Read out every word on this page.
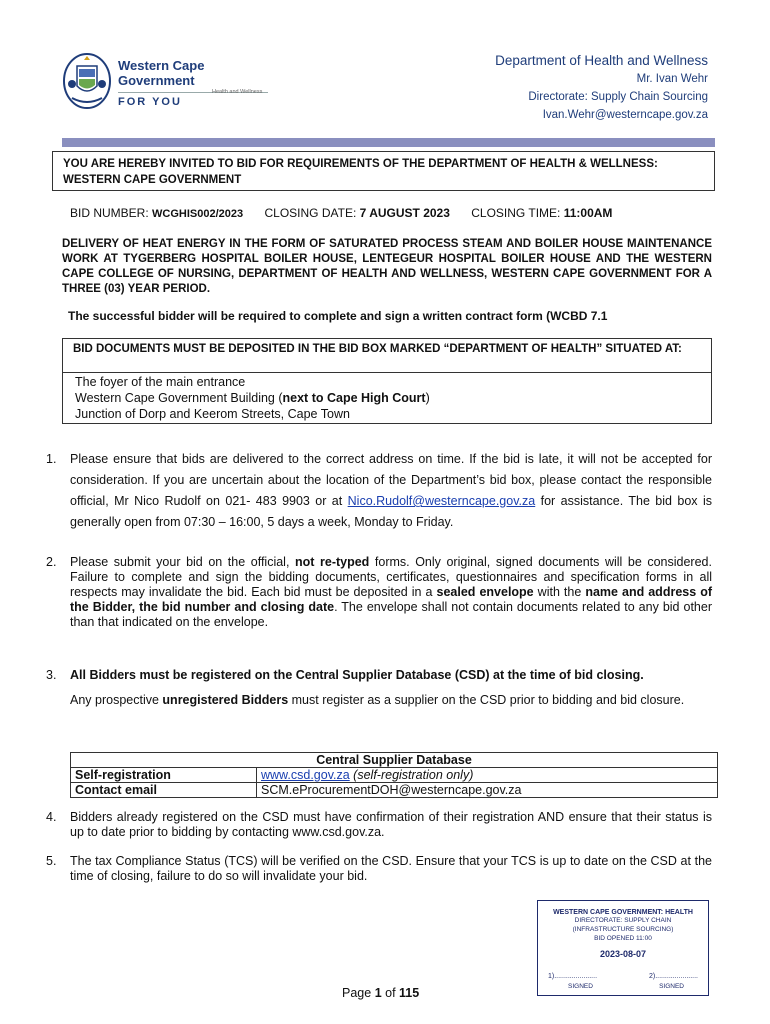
Western Cape
Government
Health and Wellness
FOR YOU
Department of Health and Wellness
Mr. Ivan Wehr
Directorate: Supply Chain Sourcing
Ivan.Wehr@westerncape.gov.za
YOU ARE HEREBY INVITED TO BID FOR REQUIREMENTS OF THE DEPARTMENT OF HEALTH & WELLNESS: WESTERN CAPE GOVERNMENT
BID NUMBER: WCGHIS002/2023 CLOSING DATE: 7 AUGUST 2023 CLOSING TIME: 11:00AM
DELIVERY OF HEAT ENERGY IN THE FORM OF SATURATED PROCESS STEAM AND BOILER HOUSE MAINTENANCE WORK AT TYGERBERG HOSPITAL BOILER HOUSE, LENTEGEUR HOSPITAL BOILER HOUSE AND THE WESTERN CAPE COLLEGE OF NURSING, DEPARTMENT OF HEALTH AND WELLNESS, WESTERN CAPE GOVERNMENT FOR A THREE (03) YEAR PERIOD.
The successful bidder will be required to complete and sign a written contract form (WCBD 7.1
BID DOCUMENTS MUST BE DEPOSITED IN THE BID BOX MARKED “DEPARTMENT OF HEALTH” SITUATED AT:
The foyer of the main entrance
Western Cape Government Building (next to Cape High Court)
Junction of Dorp and Keerom Streets, Cape Town
1. Please ensure that bids are delivered to the correct address on time. If the bid is late, it will not be accepted for consideration. If you are uncertain about the location of the Department’s bid box, please contact the responsible official, Mr Nico Rudolf on 021- 483 9903 or at Nico.Rudolf@westerncape.gov.za for assistance. The bid box is generally open from 07:30 – 16:00, 5 days a week, Monday to Friday.
2. Please submit your bid on the official, not re-typed forms. Only original, signed documents will be considered. Failure to complete and sign the bidding documents, certificates, questionnaires and specification forms in all respects may invalidate the bid. Each bid must be deposited in a sealed envelope with the name and address of the Bidder, the bid number and closing date. The envelope shall not contain documents related to any bid other than that indicated on the envelope.
3. All Bidders must be registered on the Central Supplier Database (CSD) at the time of bid closing.
Any prospective unregistered Bidders must register as a supplier on the CSD prior to bidding and bid closure.
Central Supplier Database	
Self-registration	www.csd.gov.za (self-registration only)
Contact email	SCM.eProcurementDOH@westerncape.gov.za
4. Bidders already registered on the CSD must have confirmation of their registration AND ensure that their status is up to date prior to bidding by contacting www.csd.gov.za.
5. The tax Compliance Status (TCS) will be verified on the CSD. Ensure that your TCS is up to date on the CSD at the time of closing, failure to do so will invalidate your bid.
WESTERN CAPE GOVERNMENT: HEALTH
DIRECTORATE: SUPPLY CHAIN
(INFRASTRUCTURE SOURCING)
BID OPENED 11:00
2023-08-07
1)......................	2)......................
SIGNED	SIGNED
Page 1 of 115
